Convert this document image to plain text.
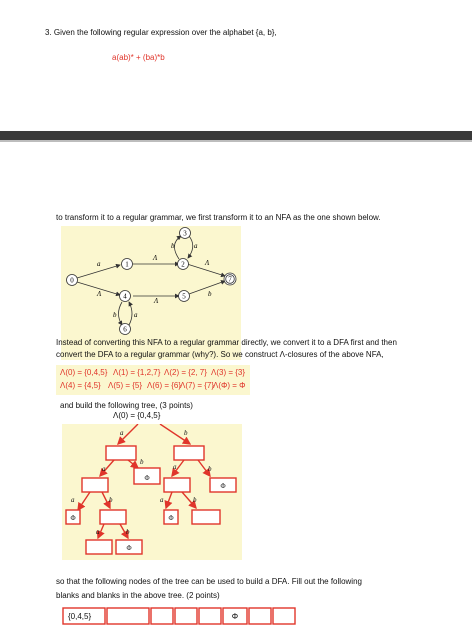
3. Given the following regular expression over the alphabet {a, b},
a(ab)* + (ba)*b
to transform it to a regular grammar, we first transform it to an NFA as the one shown below.
0
1	2
3
4	5
6
7
a
Λ
Λ
b	a
Λ
Λ
b
a
b
Instead of converting this NFA to a regular grammar directly, we convert it to a DFA first and then
convert the DFA to a regular grammar (why?). So we construct Λ-closures of the above NFA,
Λ(0) = {0,4,5} Λ(1) = {1,2,7} Λ(2) = {2, 7} Λ(3) = {3}
Λ(4) = {4,5} Λ(5) = {5} Λ(6) = {6}
Λ(7) = {7}
Λ(Φ) = Φ
and build the following tree, (3 points)
Λ(0) = {0,4,5}
Φ
Φ
Φ	Φ
Φ
a	b
a
b
a	b
a	b	a	b
a	b
so that the following nodes of the tree can be used to build a DFA. Fill out the following
blanks and blanks in the above tree. (2 points)
{0,4,5}	Φ
